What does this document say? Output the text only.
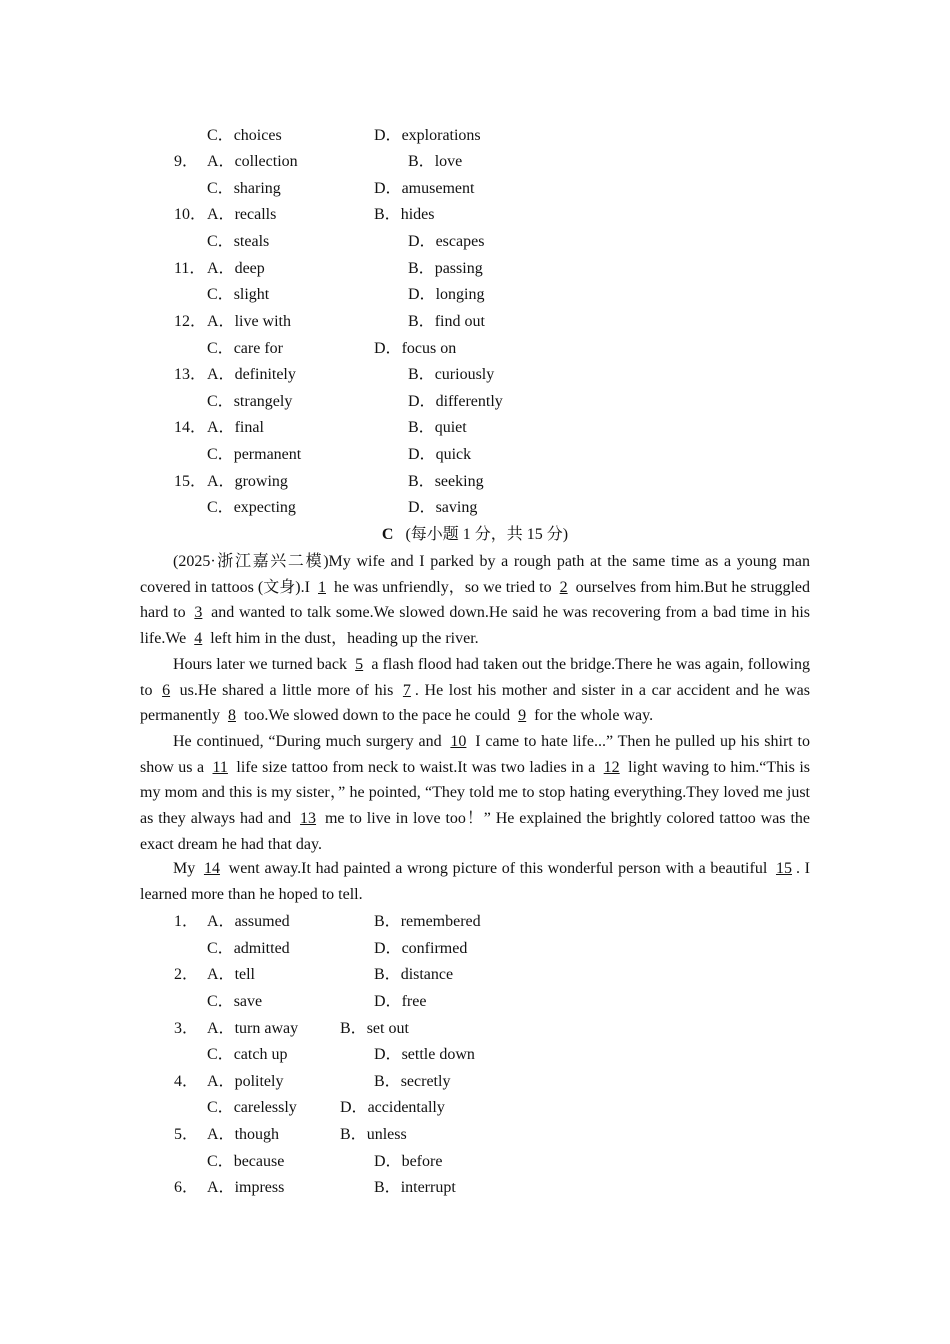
C．choices	D．explorations
9． A．collection	B．love
C．sharing	D．amusement
10． A．recalls	B．hides
C．steals	D．escapes
11． A．deep	B．passing
C．slight	D．longing
12． A．live with	B．find out
C．care for	D．focus on
13． A．definitely	B．curiously
C．strangely	D．differently
14． A．final	B．quiet
C．permanent	D．quick
15． A．growing	B．seeking
C．expecting	D．saving
C (每小题 1 分，共 15 分)
(2025·浙江嘉兴二模)My wife and I parked by a rough path at the same time as a young man covered in tattoos (文身).I 1 he was unfriendly，so we tried to 2 ourselves from him.But he struggled hard to 3 and wanted to talk some.We slowed down.He said he was recovering from a bad time in his life.We 4 left him in the dust，heading up the river.
Hours later we turned back 5 a flash flood had taken out the bridge.There he was again, following to 6 us.He shared a little more of his 7 . He lost his mother and sister in a car accident and he was permanently 8 too.We slowed down to the pace he could 9 for the whole way.
He continued, “During much surgery and 10 I came to hate life...” Then he pulled up his shirt to show us a 11 life size tattoo from neck to waist.It was two ladies in a 12 light waving to him.“This is my mom and this is my sister，” he pointed, “They told me to stop hating everything.They loved me just as they always had and 13 me to live in love too！” He explained the brightly colored tattoo was the exact dream he had that day.
My 14 went away.It had painted a wrong picture of this wonderful person with a beautiful 15 . I learned more than he hoped to tell.
1． A．assumed	B．remembered
C．admitted	D．confirmed
2． A．tell	B．distance
C．save	D．free
3． A．turn away	B．set out
C．catch up	D．settle down
4． A．politely	B．secretly
C．carelessly	D．accidentally
5． A．though	B．unless
C．because	D．before
6． A．impress	B．interrupt
